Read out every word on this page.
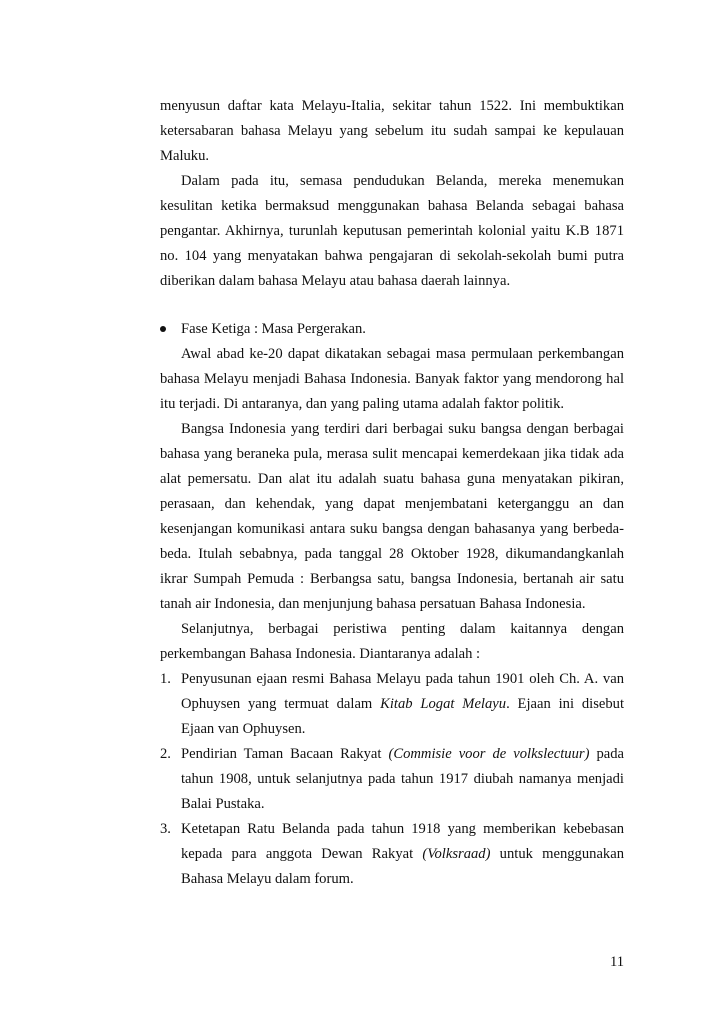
menyusun daftar kata Melayu-Italia, sekitar tahun 1522. Ini membuktikan
ketersabaran bahasa Melayu yang sebelum itu sudah sampai ke kepulauan
Maluku.
Dalam pada itu, semasa pendudukan Belanda, mereka menemukan
kesulitan ketika bermaksud menggunakan bahasa Belanda sebagai bahasa
pengantar. Akhirnya, turunlah keputusan pemerintah kolonial yaitu K.B 1871
no. 104 yang menyatakan bahwa pengajaran di sekolah-sekolah bumi putra
diberikan dalam bahasa Melayu atau bahasa daerah lainnya.
Fase Ketiga : Masa Pergerakan.
Awal abad ke-20 dapat dikatakan sebagai masa permulaan perkembangan
bahasa Melayu menjadi Bahasa Indonesia. Banyak faktor yang mendorong hal
itu terjadi. Di antaranya, dan yang paling utama adalah faktor politik.
Bangsa Indonesia yang terdiri dari berbagai suku bangsa dengan berbagai
bahasa yang beraneka pula, merasa sulit mencapai kemerdekaan jika tidak ada
alat pemersatu. Dan alat itu adalah suatu bahasa guna menyatakan pikiran,
perasaan, dan kehendak, yang dapat menjembatani keterganggu an dan
kesenjangan komunikasi antara suku bangsa dengan bahasanya yang berbeda-
beda. Itulah sebabnya, pada tanggal 28 Oktober 1928, dikumandangkanlah
ikrar Sumpah Pemuda : Berbangsa satu, bangsa Indonesia, bertanah air satu
tanah air Indonesia, dan menjunjung bahasa persatuan Bahasa Indonesia.
Selanjutnya, berbagai peristiwa penting dalam kaitannya dengan
perkembangan Bahasa Indonesia. Diantaranya adalah :
1. Penyusunan ejaan resmi Bahasa Melayu pada tahun 1901 oleh Ch. A. van
Ophuysen yang termuat dalam Kitab Logat Melayu. Ejaan ini disebut
Ejaan van Ophuysen.
2. Pendirian Taman Bacaan Rakyat (Commisie voor de volkslectuur) pada
tahun 1908, untuk selanjutnya pada tahun 1917 diubah namanya menjadi
Balai Pustaka.
3. Ketetapan Ratu Belanda pada tahun 1918 yang memberikan kebebasan
kepada para anggota Dewan Rakyat (Volksraad) untuk menggunakan
Bahasa Melayu dalam forum.
11
